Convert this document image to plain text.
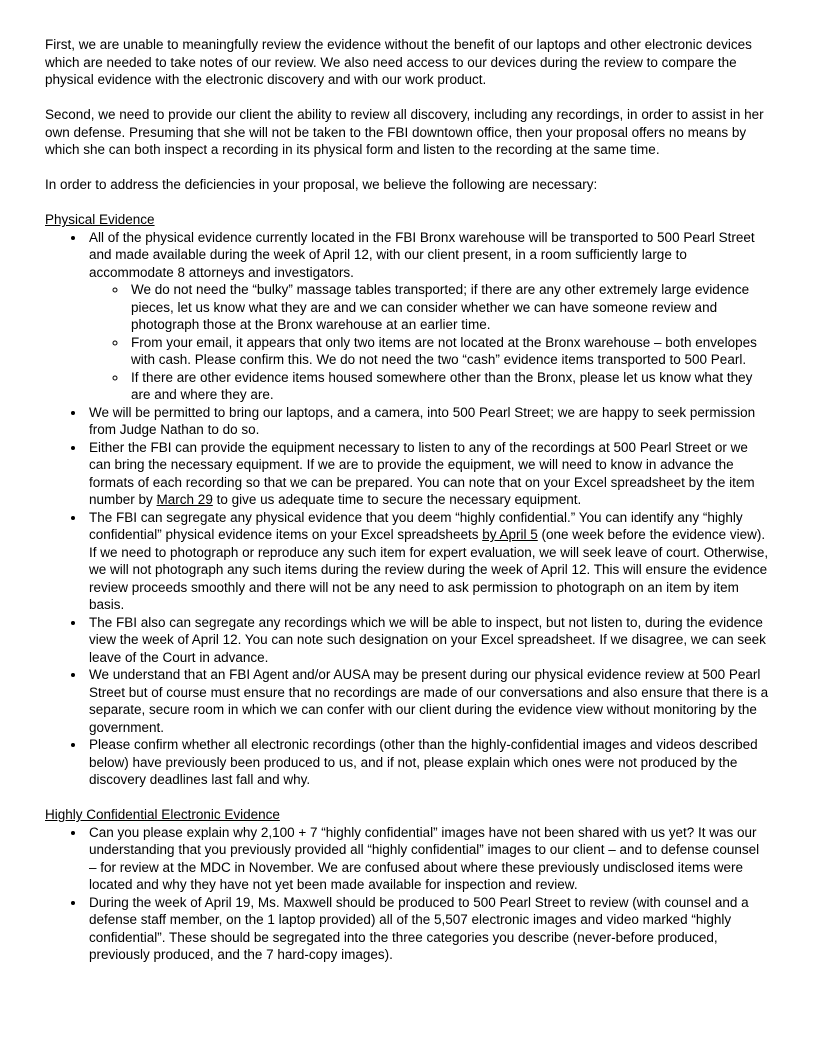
First, we are unable to meaningfully review the evidence without the benefit of our laptops and other electronic devices which are needed to take notes of our review. We also need access to our devices during the review to compare the physical evidence with the electronic discovery and with our work product.

Second, we need to provide our client the ability to review all discovery, including any recordings, in order to assist in her own defense. Presuming that she will not be taken to the FBI downtown office, then your proposal offers no means by which she can both inspect a recording in its physical form and listen to the recording at the same time.

In order to address the deficiencies in your proposal, we believe the following are necessary:

Physical Evidence
• All of the physical evidence currently located in the FBI Bronx warehouse will be transported to 500 Pearl Street and made available during the week of April 12, with our client present, in a room sufficiently large to accommodate 8 attorneys and investigators.
◦ We do not need the “bulky” massage tables transported; if there are any other extremely large evidence pieces, let us know what they are and we can consider whether we can have someone review and photograph those at the Bronx warehouse at an earlier time.
◦ From your email, it appears that only two items are not located at the Bronx warehouse – both envelopes with cash. Please confirm this. We do not need the two “cash” evidence items transported to 500 Pearl.
◦ If there are other evidence items housed somewhere other than the Bronx, please let us know what they are and where they are.
• We will be permitted to bring our laptops, and a camera, into 500 Pearl Street; we are happy to seek permission from Judge Nathan to do so.
• Either the FBI can provide the equipment necessary to listen to any of the recordings at 500 Pearl Street or we can bring the necessary equipment. If we are to provide the equipment, we will need to know in advance the formats of each recording so that we can be prepared. You can note that on your Excel spreadsheet by the item number by March 29 to give us adequate time to secure the necessary equipment.
• The FBI can segregate any physical evidence that you deem “highly confidential.” You can identify any “highly confidential” physical evidence items on your Excel spreadsheets by April 5 (one week before the evidence view). If we need to photograph or reproduce any such item for expert evaluation, we will seek leave of court. Otherwise, we will not photograph any such items during the review during the week of April 12. This will ensure the evidence review proceeds smoothly and there will not be any need to ask permission to photograph on an item by item basis.
• The FBI also can segregate any recordings which we will be able to inspect, but not listen to, during the evidence view the week of April 12. You can note such designation on your Excel spreadsheet. If we disagree, we can seek leave of the Court in advance.
• We understand that an FBI Agent and/or AUSA may be present during our physical evidence review at 500 Pearl Street but of course must ensure that no recordings are made of our conversations and also ensure that there is a separate, secure room in which we can confer with our client during the evidence view without monitoring by the government.
• Please confirm whether all electronic recordings (other than the highly-confidential images and videos described below) have previously been produced to us, and if not, please explain which ones were not produced by the discovery deadlines last fall and why.
Highly Confidential Electronic Evidence
• Can you please explain why 2,100 + 7 “highly confidential” images have not been shared with us yet? It was our understanding that you previously provided all “highly confidential” images to our client – and to defense counsel – for review at the MDC in November. We are confused about where these previously undisclosed items were located and why they have not yet been made available for inspection and review.
• During the week of April 19, Ms. Maxwell should be produced to 500 Pearl Street to review (with counsel and a defense staff member, on the 1 laptop provided) all of the 5,507 electronic images and video marked “highly confidential”. These should be segregated into the three categories you describe (never-before produced, previously produced, and the 7 hard-copy images).
